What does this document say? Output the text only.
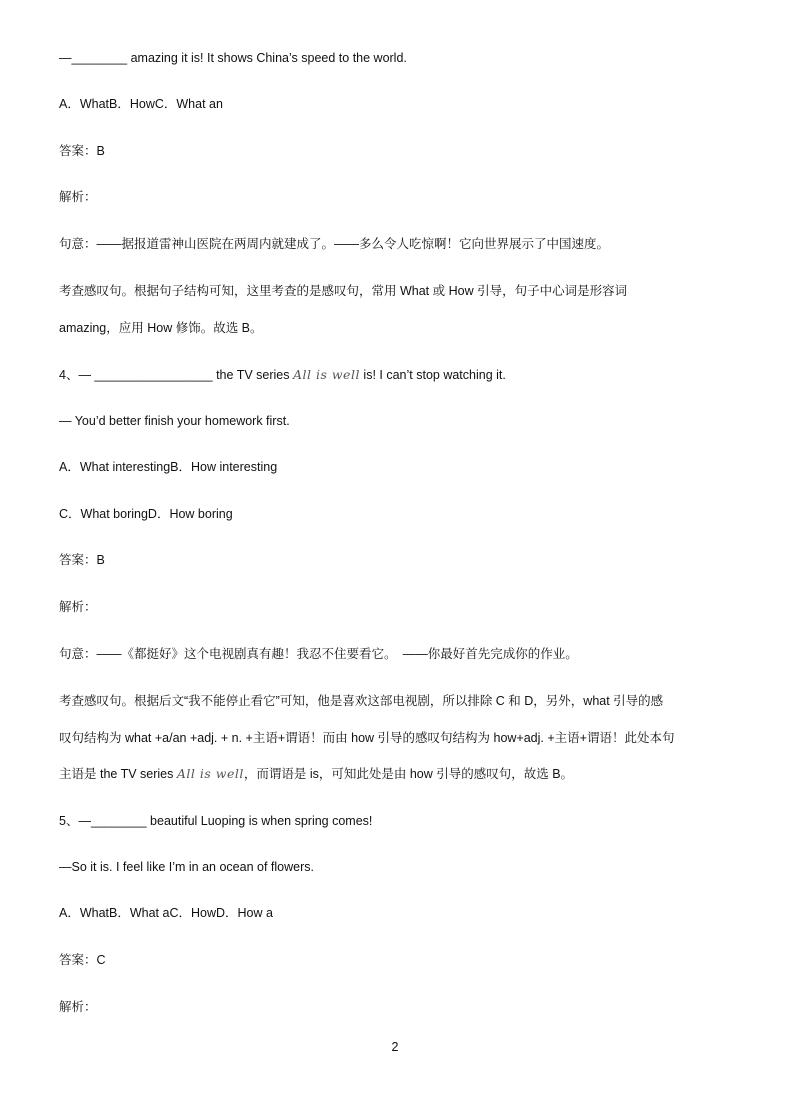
—________ amazing it is! It shows China’s speed to the world.
A．WhatB．HowC．What an
答案：B
解析：
句意：——据报道雷神山医院在两周内就建成了。——多么令人吃惊啊！它向世界展示了中国速度。
考查感叹句。根据句子结构可知，这里考查的是感叹句，常用 What 或 How 引导，句子中心词是形容词
amazing，应用 How 修饰。故选 B。
4、— _________________ the TV series All is well is! I can’t stop watching it.
— You’d better finish your homework first.
A．What interestingB．How interesting
C．What boringD．How boring
答案：B
解析：
句意：——《都挺好》这个电视剧真有趣！我忍不住要看它。　——你最好首先完成你的作业。
考查感叹句。根据后文“我不能停止看它”可知，他是喜欢这部电视剧，所以排除 C 和 D，另外，what 引导的感
叹句结构为 what +a/an +adj. + n. +主语+谓语！而由 how 引导的感叹句结构为 how+adj. +主语+谓语！此处本句
主语是 the TV series All is well，而谓语是 is，可知此处是由 how 引导的感叹句，故选 B。
5、—________ beautiful Luoping is when spring comes!
—So it is. I feel like I’m in an ocean of flowers.
A．WhatB．What aC．HowD．How a
答案：C
解析：
2
